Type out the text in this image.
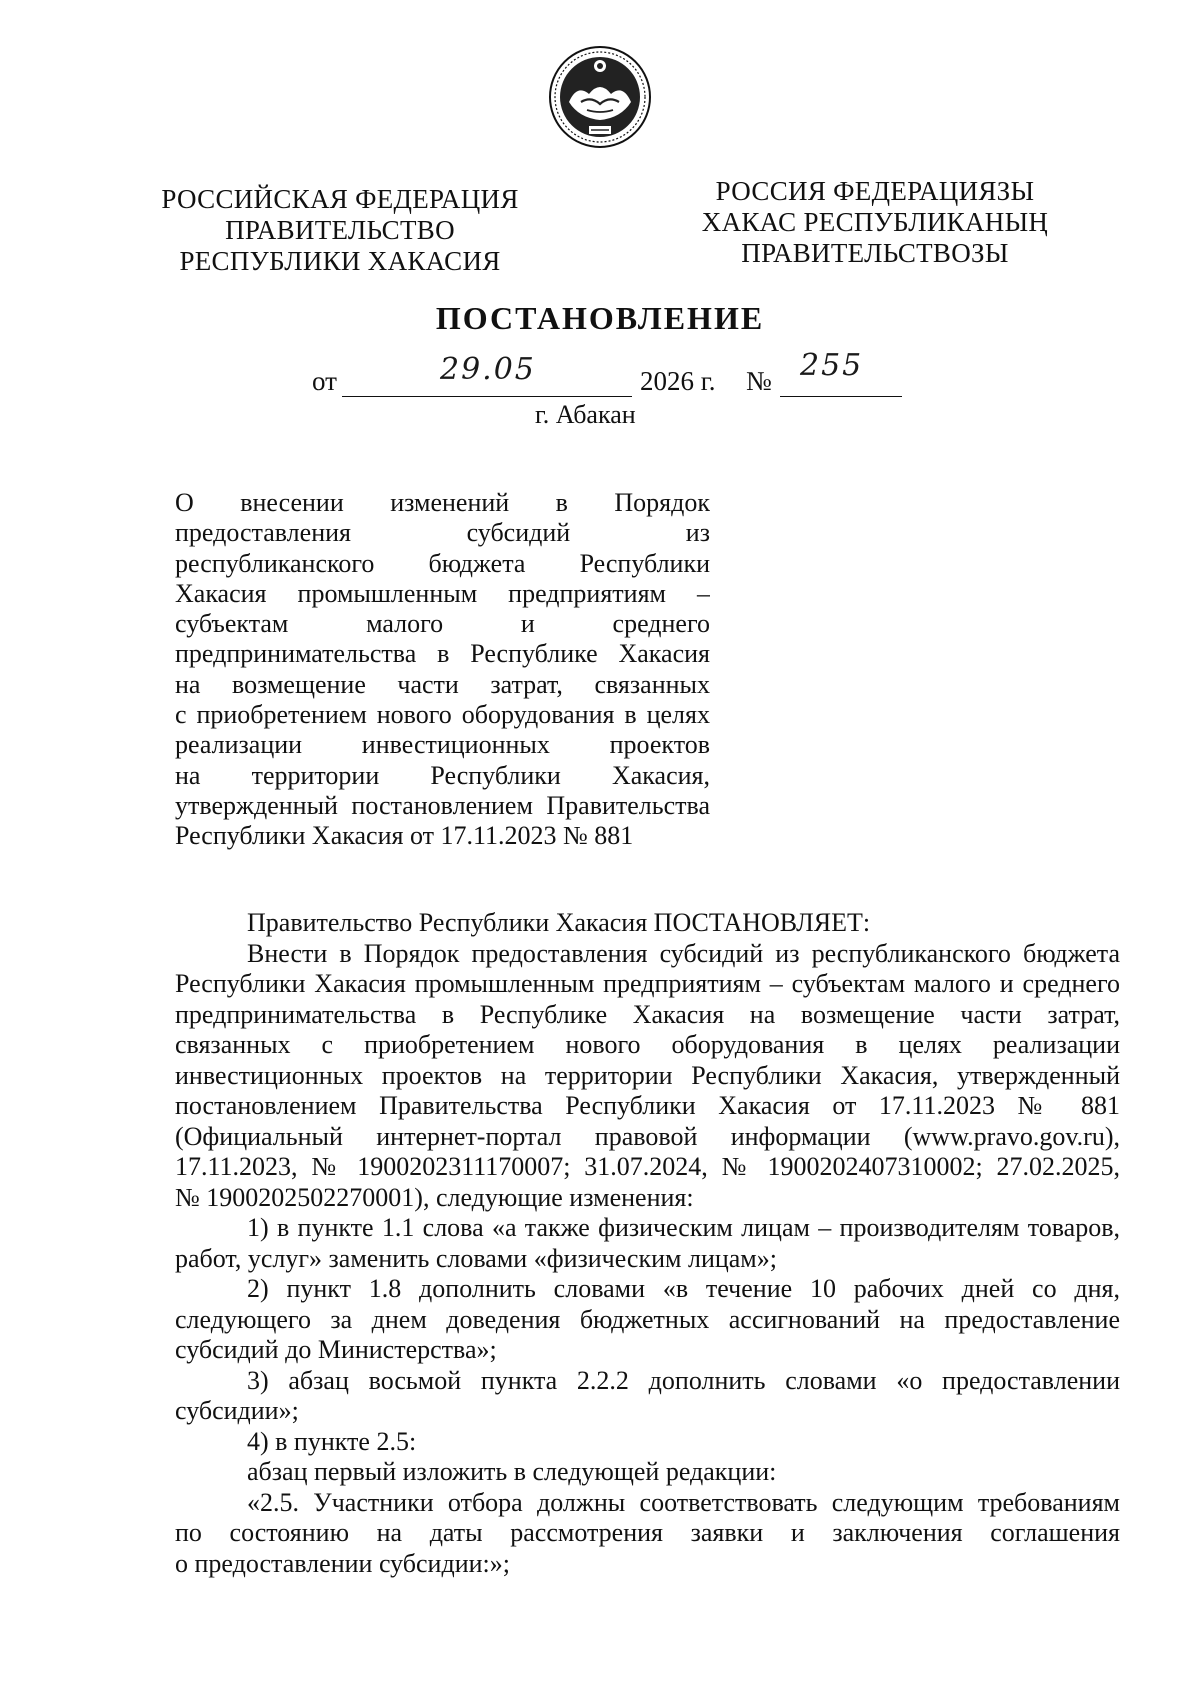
РОССИЙСКАЯ ФЕДЕРАЦИЯ
ПРАВИТЕЛЬСТВО
РЕСПУБЛИКИ ХАКАСИЯ
РОССИЯ ФЕДЕРАЦИЯЗЫ
ХАКАС РЕСПУБЛИКАНЫҢ
ПРАВИТЕЛЬСТВОЗЫ
ПОСТАНОВЛЕНИЕ
от	29.05	2026 г. № 255
г. Абакан
О внесении изменений в Порядок
предоставления субсидий из
республиканского бюджета Республики
Хакасия промышленным предприятиям –
субъектам малого и среднего
предпринимательства в Республике Хакасия
на возмещение части затрат, связанных
с приобретением нового оборудования в целях
реализации инвестиционных проектов
на территории Республики Хакасия,
утвержденный постановлением Правительства
Республики Хакасия от 17.11.2023 № 881
Правительство Республики Хакасия ПОСТАНОВЛЯЕТ:
Внести в Порядок предоставления субсидий из республиканского бюджета
Республики Хакасия промышленным предприятиям – субъектам малого и среднего
предпринимательства в Республике Хакасия на возмещение части затрат,
связанных с приобретением нового оборудования в целях реализации
инвестиционных проектов на территории Республики Хакасия, утвержденный
постановлением Правительства Республики Хакасия от 17.11.2023 № 881
(Официальный интернет-портал правовой информации (www.pravo.gov.ru),
17.11.2023, № 1900202311170007; 31.07.2024, № 1900202407310002; 27.02.2025,
№ 1900202502270001), следующие изменения:
1) в пункте 1.1 слова «а также физическим лицам – производителям товаров,
работ, услуг» заменить словами «физическим лицам»;
2) пункт 1.8 дополнить словами «в течение 10 рабочих дней со дня,
следующего за днем доведения бюджетных ассигнований на предоставление
субсидий до Министерства»;
3) абзац восьмой пункта 2.2.2 дополнить словами «о предоставлении
субсидии»;
4) в пункте 2.5:
абзац первый изложить в следующей редакции:
«2.5. Участники отбора должны соответствовать следующим требованиям
по состоянию на даты рассмотрения заявки и заключения соглашения
о предоставлении субсидии:»;
